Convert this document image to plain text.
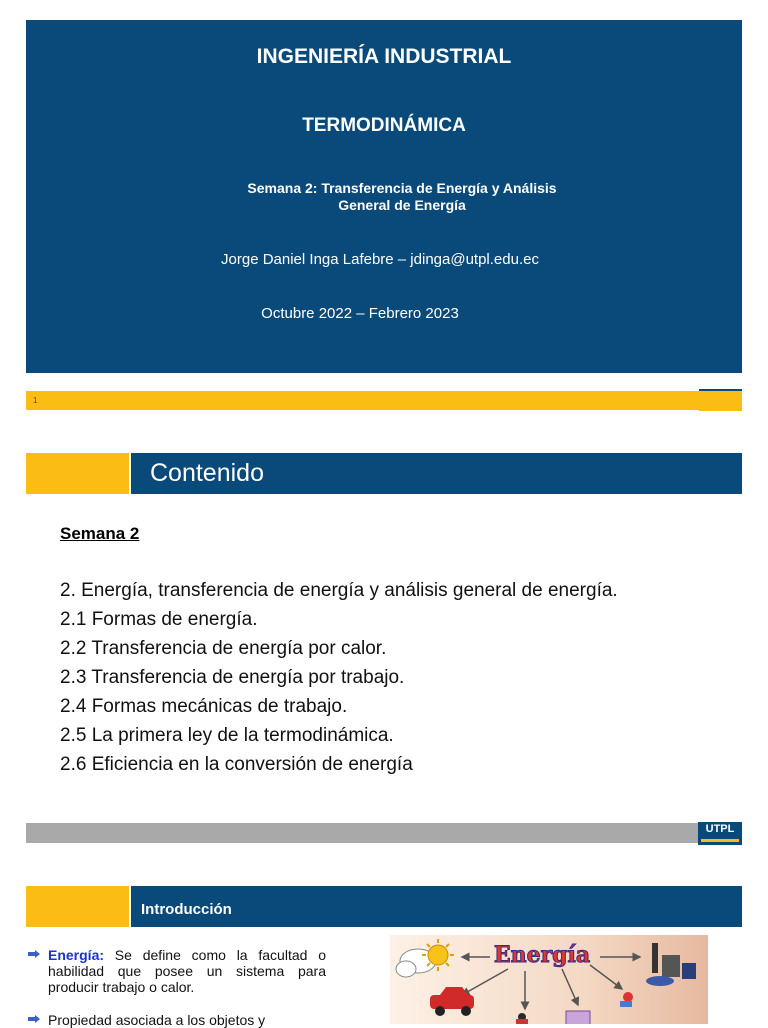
INGENIERÍA INDUSTRIAL
TERMODINÁMICA
Semana 2: Transferencia de Energía y Análisis
General de Energía
Jorge Daniel Inga Lafebre – jdinga@utpl.edu.ec
Octubre 2022 – Febrero 2023
1
Contenido
Semana 2
2. Energía, transferencia de energía y análisis general de energía.
2.1 Formas de energía.
2.2 Transferencia de energía por calor.
2.3 Transferencia de energía por trabajo.
2.4 Formas mecánicas de trabajo.
2.5 La primera ley de la termodinámica.
2.6 Eficiencia en la conversión de energía
UTPL
Introducción
Energía: Se define como la facultad o habilidad que posee un sistema para producir trabajo o calor.
Propiedad asociada a los objetos y
Energía
